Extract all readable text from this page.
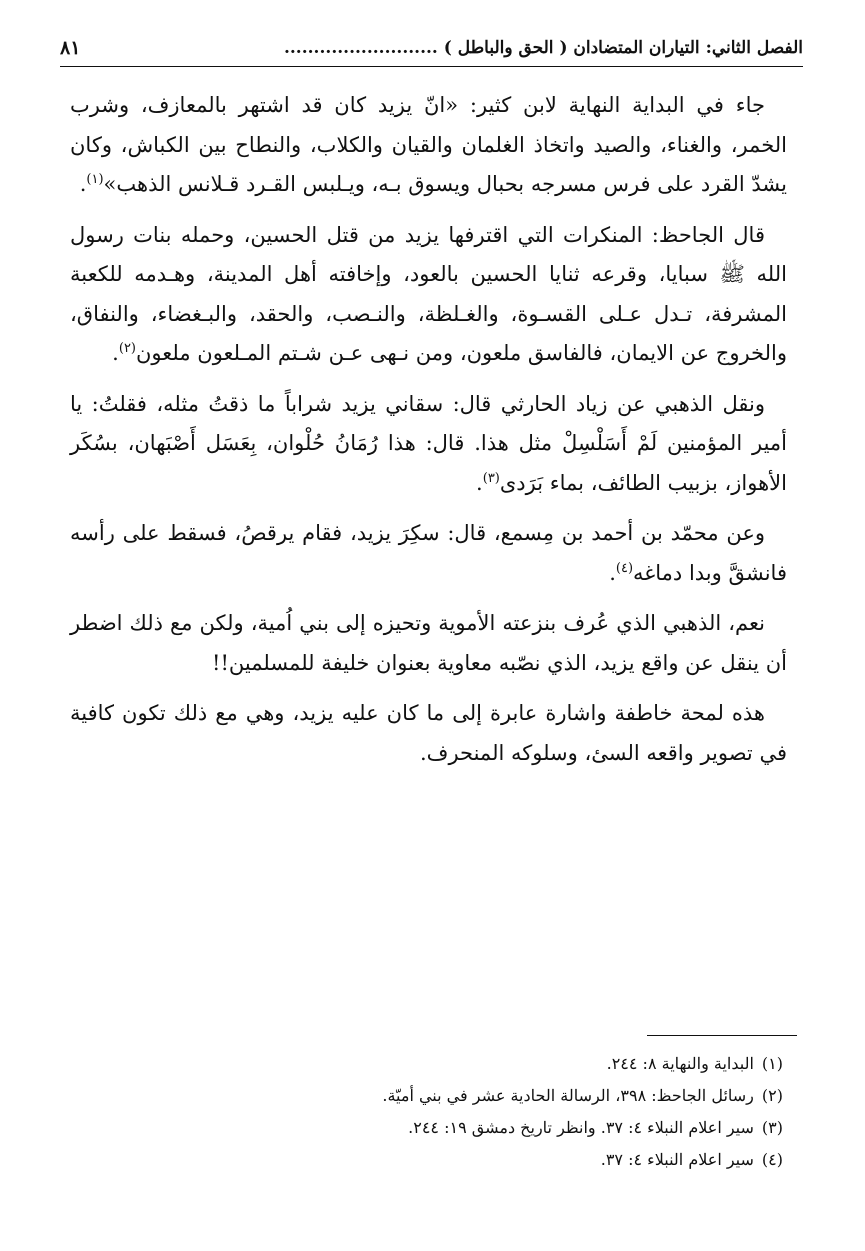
الفصل الثاني: التياران المتضادان ( الحق والباطل ) ..........................
٨١

جاء في البداية النهاية لابن كثير: «انّ يزيد كان قد اشتهر بالمعازف، وشرب الخمر، والغناء، والصيد واتخاذ الغلمان والقيان والكلاب، والنطاح بين الكباش، وكان يشدّ القرد على فرس مسرجه بحبال ويسوق بـه، ويـلبس القـرد قـلانس الذهب»$^{(١)}$.

قال الجاحظ: المنكرات التي اقترفها يزيد من قتل الحسين، وحمله بنات رسول الله ﷺ سبايا، وقرعه ثنايا الحسين بالعود، وإخافته أهل المدينة، وهـدمه للكعبة المشرفة، تـدل عـلى القسـوة، والغـلظة، والنـصب، والحقد، والبـغضاء، والنفاق، والخروج عن الايمان، فالفاسق ملعون، ومن نـهى عـن شـتم المـلعون ملعون$^{(٢)}$.

ونقل الذهبي عن زياد الحارثي قال: سقاني يزيد شراباً ما ذقتُ مثله، فقلتُ: يا أمير المؤمنين لَمْ أَسَلْسِلْ مثل هذا. قال: هذا رُمَانُ حُلْوان، بِعَسَل أَصْبَهان، بسُكَر الأهواز، بزبيب الطائف، بماء بَرَدى$^{(٣)}$.

وعن محمّد بن أحمد بن مِسمع، قال: سكِرَ يزيد، فقام يرقصُ، فسقط على رأسه فانشقَّ وبدا دماغه$^{(٤)}$.

نعم، الذهبي الذي عُرف بنزعته الأموية وتحيزه إلى بني اُمية، ولكن مع ذلك اضطر أن ينقل عن واقع يزيد، الذي نصّبه معاوية بعنوان خليفة للمسلمين!!

هذه لمحة خاطفة واشارة عابرة إلى ما كان عليه يزيد، وهي مع ذلك تكون كافية في تصوير واقعه السئ، وسلوكه المنحرف.

(١)البداية والنهاية ٨: ٢٤٤.
(٢)رسائل الجاحظ: ٣٩٨، الرسالة الحادية عشر في بني أميّة.
(٣)سير اعلام النبلاء ٤: ٣٧. وانظر تاريخ دمشق ١٩: ٢٤٤.
(٤)سير اعلام النبلاء ٤: ٣٧.
